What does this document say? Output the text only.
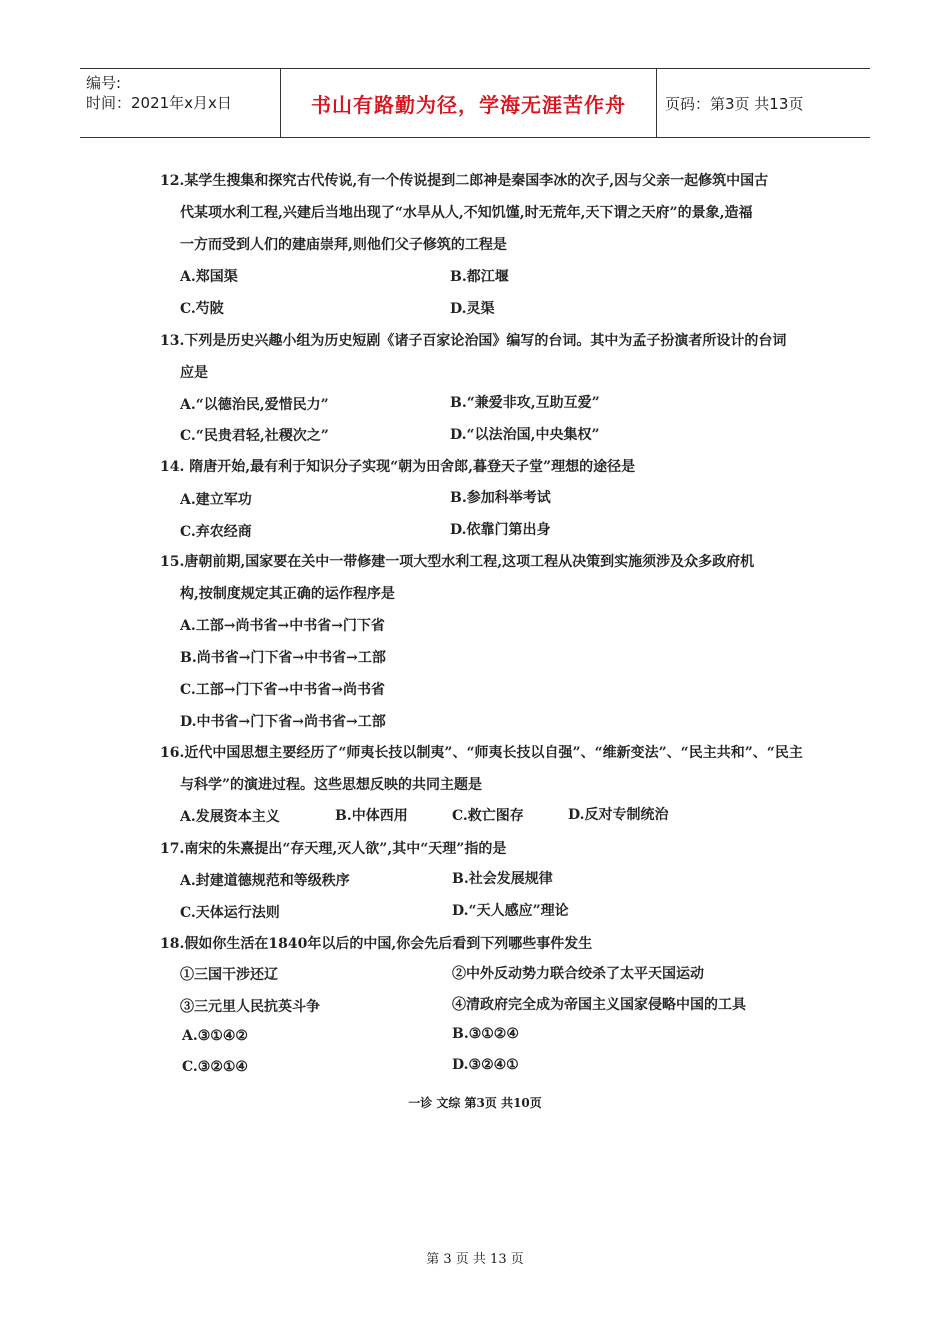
编号:
时间：2021年x月x日	书山有路勤为径，学海无涯苦作舟	页码：第3页 共13页
12.某学生搜集和探究古代传说,有一个传说提到二郎神是秦国李冰的次子,因与父亲一起修筑中国古
代某项水利工程,兴建后当地出现了“水旱从人,不知饥馑,时无荒年,天下谓之天府”的景象,造福
一方而受到人们的建庙崇拜,则他们父子修筑的工程是
A.郑国渠	B.都江堰
C.芍陂	D.灵渠
13.下列是历史兴趣小组为历史短剧《诸子百家论治国》编写的台词。其中为孟子扮演者所设计的台词
应是
A.“以德治民,爱惜民力”	B.“兼爱非攻,互助互爱”
C.“民贵君轻,社稷次之”	D.“以法治国,中央集权”
14. 隋唐开始,最有利于知识分子实现“朝为田舍郎,暮登天子堂”理想的途径是
A.建立军功	B.参加科举考试
C.弃农经商	D.依靠门第出身
15.唐朝前期,国家要在关中一带修建一项大型水利工程,这项工程从决策到实施须涉及众多政府机
构,按制度规定其正确的运作程序是
A.工部→尚书省→中书省→门下省
B.尚书省→门下省→中书省→工部
C.工部→门下省→中书省→尚书省
D.中书省→门下省→尚书省→工部
16.近代中国思想主要经历了“师夷长技以制夷”、“师夷长技以自强”、“维新变法”、“民主共和”、“民主
与科学”的演进过程。这些思想反映的共同主题是
A.发展资本主义	B.中体西用	C.救亡图存	D.反对专制统治
17.南宋的朱熹提出“存天理,灭人欲”,其中“天理”指的是
A.封建道德规范和等级秩序	B.社会发展规律
C.天体运行法则	D.“天人感应”理论
18.假如你生活在1840年以后的中国,你会先后看到下列哪些事件发生
①三国干涉还辽	②中外反动势力联合绞杀了太平天国运动
③三元里人民抗英斗争	④清政府完全成为帝国主义国家侵略中国的工具
A.③①④②	B.③①②④
C.③②①④	D.③②④①
一诊 文综 第3页 共10页
第 3 页 共 13 页
